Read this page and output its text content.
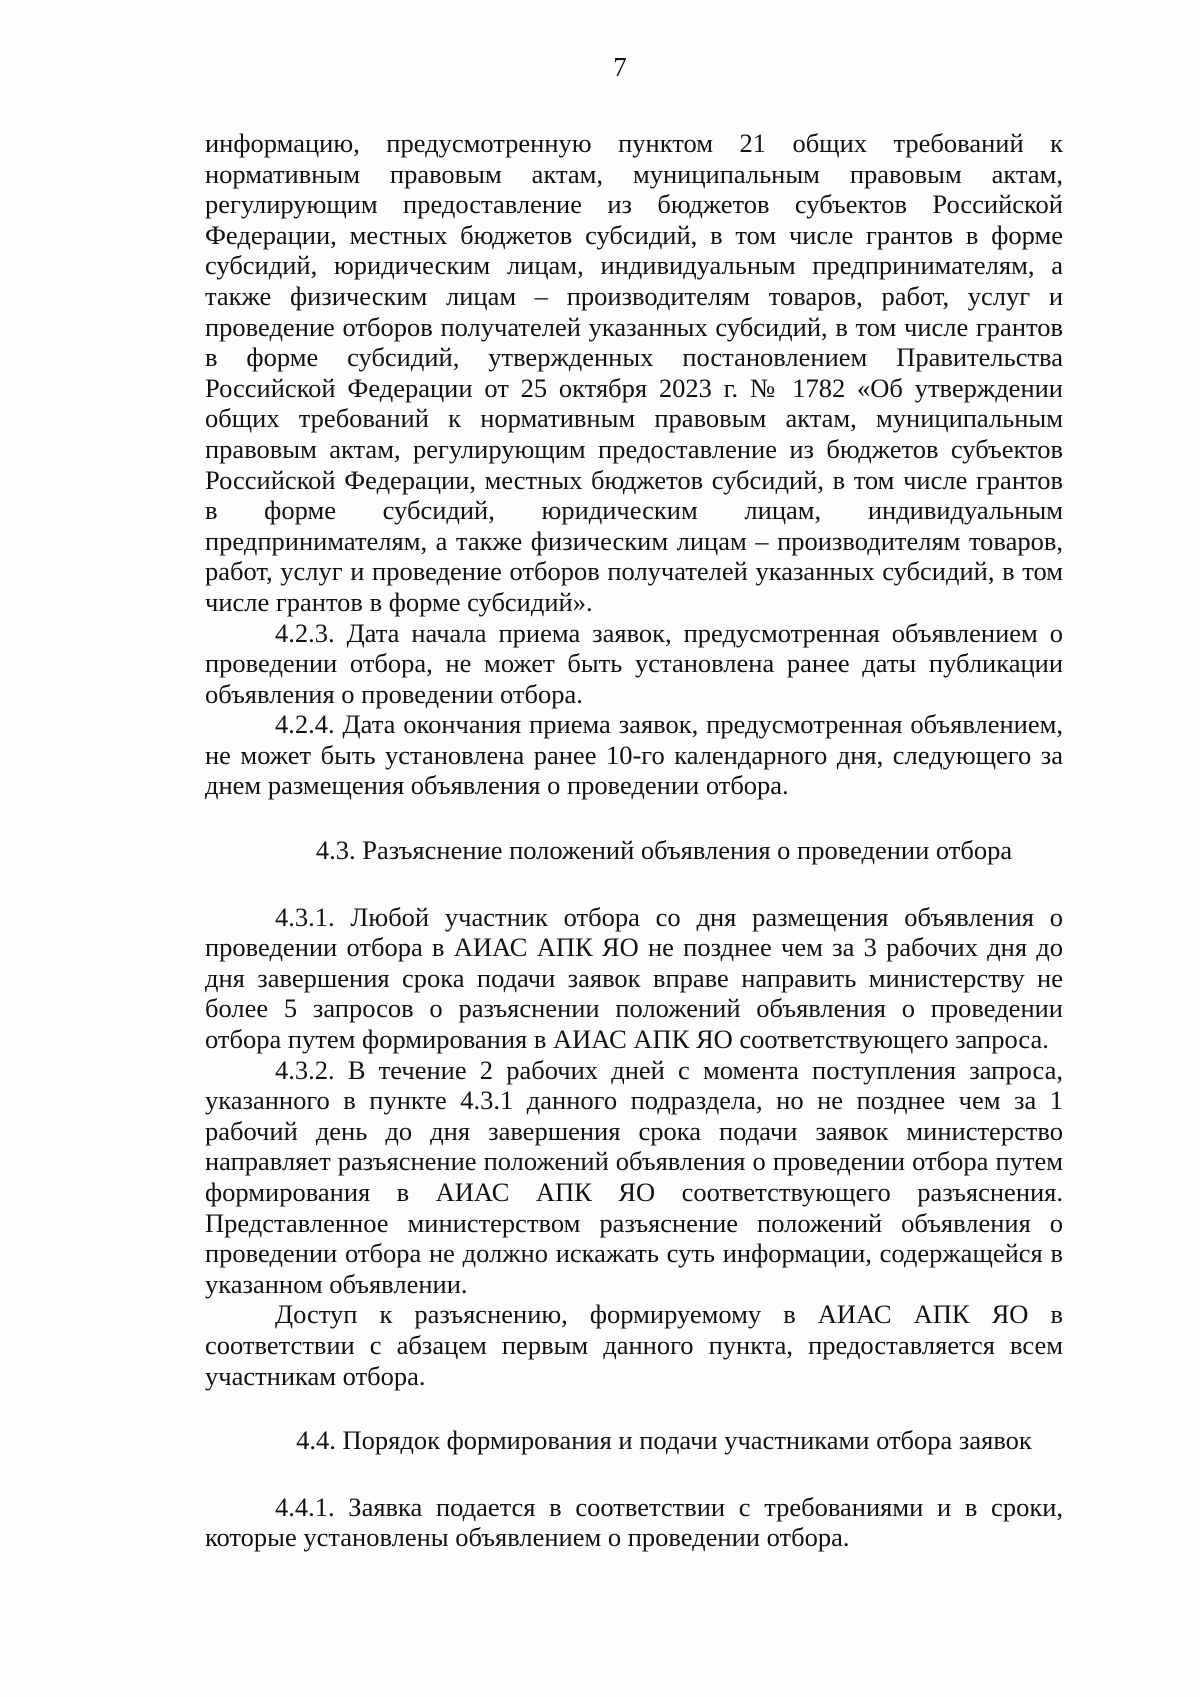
7

информацию, предусмотренную пунктом 21 общих требований к нормативным правовым актам, муниципальным правовым актам, регулирующим предоставление из бюджетов субъектов Российской Федерации, местных бюджетов субсидий, в том числе грантов в форме субсидий, юридическим лицам, индивидуальным предпринимателям, а также физическим лицам – производителям товаров, работ, услуг и проведение отборов получателей указанных субсидий, в том числе грантов в форме субсидий, утвержденных постановлением Правительства Российской Федерации от 25 октября 2023 г. № 1782 «Об утверждении общих требований к нормативным правовым актам, муниципальным правовым актам, регулирующим предоставление из бюджетов субъектов Российской Федерации, местных бюджетов субсидий, в том числе грантов в форме субсидий, юридическим лицам, индивидуальным предпринимателям, а также физическим лицам – производителям товаров, работ, услуг и проведение отборов получателей указанных субсидий, в том числе грантов в форме субсидий».

4.2.3. Дата начала приема заявок, предусмотренная объявлением о проведении отбора, не может быть установлена ранее даты публикации объявления о проведении отбора.

4.2.4. Дата окончания приема заявок, предусмотренная объявлением, не может быть установлена ранее 10-го календарного дня, следующего за днем размещения объявления о проведении отбора.

4.3. Разъяснение положений объявления о проведении отбора

4.3.1. Любой участник отбора со дня размещения объявления о проведении отбора в АИАС АПК ЯО не позднее чем за 3 рабочих дня до дня завершения срока подачи заявок вправе направить министерству не более 5 запросов о разъяснении положений объявления о проведении отбора путем формирования в АИАС АПК ЯО соответствующего запроса.

4.3.2. В течение 2 рабочих дней с момента поступления запроса, указанного в пункте 4.3.1 данного подраздела, но не позднее чем за 1 рабочий день до дня завершения срока подачи заявок министерство направляет разъяснение положений объявления о проведении отбора путем формирования в АИАС АПК ЯО соответствующего разъяснения. Представленное министерством разъяснение положений объявления о проведении отбора не должно искажать суть информации, содержащейся в указанном объявлении.

Доступ к разъяснению, формируемому в АИАС АПК ЯО в соответствии с абзацем первым данного пункта, предоставляется всем участникам отбора.

4.4. Порядок формирования и подачи участниками отбора заявок

4.4.1. Заявка подается в соответствии с требованиями и в сроки, которые установлены объявлением о проведении отбора.
